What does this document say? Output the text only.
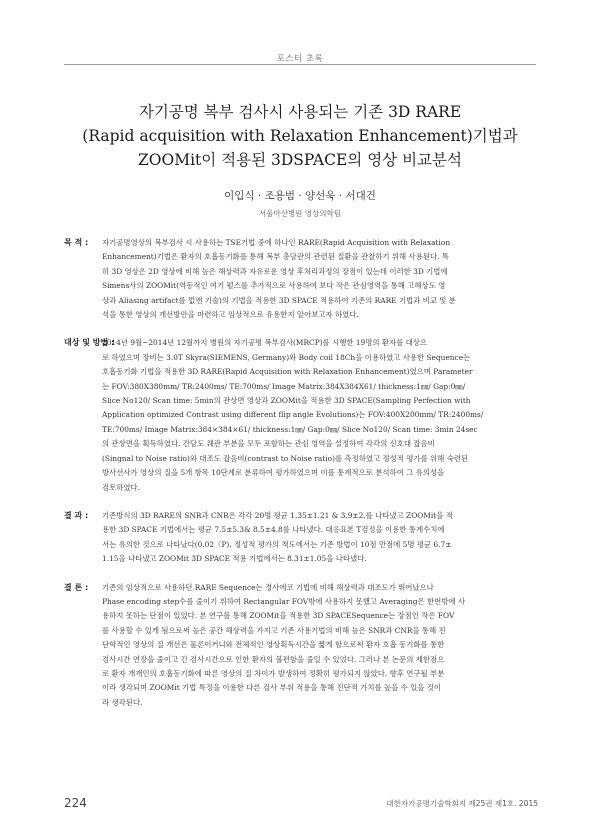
포스터 초록
자기공명 복부 검사시 사용되는 기존 3D RARE
(Rapid acquisition with Relaxation Enhancement)기법과
ZOOMit이 적용된 3DSPACE의 영상 비교분석
이입식 · 조용범 · 양선욱 · 서대건
서울아산병원 영상의학팀
목 적 :	자기공명영상의 복부검사 시 사용하는 TSE기법 중에 하나인 RARE(Rapid Acquisition with Relaxation
Enhancement)기법은 환자의 호흡동기화를 통해 복부 총담관의 관련된 질환을 관찰하기 위해 사용된다. 특
히 3D 영상은 2D 영상에 비해 높은 해상력과 자유로운 영상 후처리과정의 장점이 있는데 이러한 3D 기법에
Simens사의 ZOOMit(역동적인 여기 펄스를 추가적으로 사용하여 보다 작은 관심영역을 통해 고해상도 영
상과 Aliasing artifact를 없앤 기술)의 기법을 적용한 3D SPACE 적용하여 기존의 RARE 기법과 비교 및 분
석을 통한 영상의 개선방안을 마련하고 임상적으로 유용한지 알아보고자 하였다.
대상 및 방법 :
2014년 9월~2014년 12월까지 병원의 자기공명 복부검사(MRCP)를 시행한 19명의 환자를 대상으
로 하였으며 장비는 3.0T Skyra(SIEMENS, Germany)와 Body coil 18Ch을 이용하였고 사용한 Sequence는
호흡동기화 기법을 적용한 3D RARE(Rapid Acquisition with Relaxation Enhancement)였으며 Parameter
는 FOV:380X380mm/ TR:2400ms/ TE:700ms/ Image Matrix:384X384X61/ thickness:1㎜/ Gap:0㎜/
Slice No120/ Scan time: 5min의 관상면 영상과 ZOOMit을 적용한 3D SPACE(Sampling Perfection with
Application optimized Contrast using different flip angle Evolutions)는 FOV:400X200mm/ TR:2400ms/
TE:700ms/ Image Matrix:384×384×61/ thickness:1㎜/ Gap:0㎜/ Slice No120/ Scan time: 3min 24sec
의 관상면을 획득하였다. 간담도 췌관 부분을 모두 포함하는 관심 영역을 설정하여 각각의 신호대 잡음비
(Singnal to Noise ratio)와 대조도 잡음비(contrast to Noise ratio)를 측정하였고 정성적 평가를 위해 숙련된
방사선사가 영상의 질을 5개 항목 10단계로 분류하여 평가하였으며 이를 통계적으로 분석하여 그 유의성을
검토하였다.
결 과 :	기존방식의 3D RARE의 SNR과 CNR은 각각 20명 평균 1.35±1.21 & 3.9±2.를 나타냈고 ZOOMit을 적
용한 3D SPACE 기법에서는 평균 7.5±5.3& 8.5±4.8를 나타냈다. 대응표본 T검정을 이용한 통계수치에
서는 유의한 것으로 나타났다(0.02〈P). 정성적 평가의 척도에서는 기존 방법이 10점 만점에 5명 평균 6.7±
1.15을 나타냈고 ZOOMit 3D SPACE 적용 기법에서는 8.31±1.05을 나타냈다.
결 론 :	기존의 임상적으로 사용하던 RARE Sequence는 경사에코 기법에 비해 해상력과 대조도가 뛰어났으나
Phase encoding step수를 줄이기 위하여 Rectangular FOV밖에 사용하지 못했고 Averaging은 한번밖에 사
용하지 못하는 단점이 있었다. 본 연구를 통해 ZOOMit을 적용한 3D SPACESequence는 장점인 작은 FOV
를 사용할 수 있게 됨으로써 높은 공간 해상력을 가지고 기존 사용기법의 비해 높은 SNR과 CNR을 통해 진
단학적인 영상의 질 개선은 물론이거니와 전체적인 영상획득시간을 짧게 함으로써 환자 호흡 동기화를 통한
검사시간 연장을 줄이고 긴 검사시간으로 인한 환자의 불편함을 줄일 수 있었다. 그러나 본 논문의 제한점으
로 환자 개개인의 호흡동기화에 따른 영상의 질 차이가 발생하여 정확히 평가되지 않았다. 향후 연구될 부분
이라 생각되며 ZOOMit 기법 특징을 이용한 다른 검사 부위 적용을 통해 진단적 가치를 높을 수 있을 것이
라 생각된다.
224	대한자기공명기술학회지 제25권 제1호. 2015
